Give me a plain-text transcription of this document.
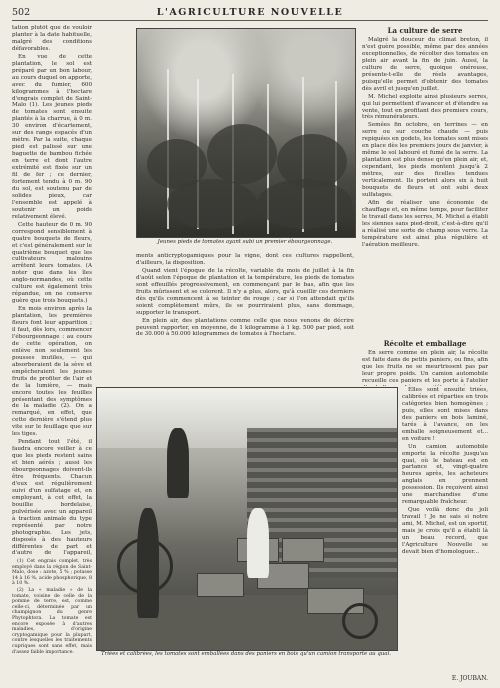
502	L'AGRICULTURE NOUVELLE

tation plutôt que de vouloir planter à la date habituelle, malgré des conditions défavorables.

En vue de cette plantation, le sol est préparé par un bon labour, au cours duquel on apporte, avec du fumier, 600 kilogrammes à l'hectare d'engrais complet de Saint-Malo (1). Les jeunes pieds de tomates sont ensuite plantés à la charrue, à 0 m. 30 environ d'écartement, sur des rangs espacés d'un mètre. Par la suite, chaque pied est palissé sur une baguette de bambou fichée en terre et dont l'autre extrémité est fixée sur un fil de fer ; ce dernier, fortement tendu à 0 m. 90 du sol, est soutenu par de solides pieux, car l'ensemble est appelé à soutenir un poids relativement élevé.

Cette hauteur de 0 m. 90 correspond sensiblement à quatre bouquets de fleurs, et c'est généralement sur le quatrième bouquet que les cultivateurs malouins arrêtent leurs tomates. (A noter que dans les îles anglo-normandes, où cette culture est également très répandue, on ne conserve guère que trois bouquets.)

En mois environ après la plantation, les premières fleurs font leur apparition ; il faut, dès lors, commencer l'ébourgeonnage : au cours de cette opération, on enlève non seulement les pousses inutiles, — qui absorberaient de la sève et empêcheraient les jeunes fruits de profiter de l'air et de la lumière, — mais encore toutes les feuilles présentant des symptômes de la maladie (2). On a remarqué, en effet, que cette dernière s'étend plus vite sur le feuillage que sur les tiges.

Pendant tout l'été, il faudra encore veiller à ce que les pieds restent sains et bien aérés ; aussi les ébourgeonnages doivent-ils être fréquents. Chacun d'eux est régulièrement suivi d'un sulfatage et, en employant, à cet effet, la bouillie bordelaise, pulvérisée avec un appareil à traction animale du type représenté par notre photographie. Les jets, disposés à des hauteurs différentes de part et d'autre de l'appareil,

(1) Cet engrais complet, très employé dans la région de Saint-Malo, dose : azote, 5 % ; potasse 14 à 16 %, acide phosphorique, 8 à 10 %.

(2) La « maladie » de la tomate, voisine de celle de la pomme de terre, est, comme celle-ci, déterminée par un champignon du genre Phytophtora. La tomate est encore exposée à d'autres maladies, d'origine cryptogamique pour la plupart, contre lesquelles les traitements cupriques sont sans effet, mais d'assez faible importance.

Jeunes pieds de tomates ayant subi un premier ébourgeonnage.

ments anticryptogamiques pour la vigne, dont ces cultures rappellent, d'ailleurs, la disposition.

Quand vient l'époque de la récolte, variable du mois de juillet à la fin d'août selon l'époque de plantation et la température, les pieds de tomates sont effeuillés progressivement, en commençant par le bas, afin que les fruits mûrissent et se colorent. Il n'y a plus, alors, qu'à cueillir ces derniers dès qu'ils commencent à se teinter de rouge ; car si l'on attendait qu'ils soient complètement mûrs, ils se pourriraient plus, sans dommage, supporter le transport.

En plein air, des plantations comme celle que nous venons de décrire peuvent rapporter, en moyenne, de 1 kilogramme à 1 kg. 500 par pied, soit de 30.000 à 50.000 kilogrammes de tomates à l'hectare.

La culture de serre

Malgré la douceur du climat breton, il n'est guère possible, même par des années exceptionnelles, de récolter des tomates en plein air avant la fin de juin. Aussi, la culture de serre, quoique onéreuse, présente-t-elle de réels avantages, puisqu'elle permet d'obtenir des tomates dès avril et jusqu'en juillet.

M. Michel exploite ainsi plusieurs serres, qui lui permettent d'avancer et d'étendre sa vente, tout en profitant des premiers cours, très rémunérateurs.

Semées fin octobre, en terrines — en serre ou sur couche chaude — puis repiquées en godets, les tomates sont mises en place dès les premiers jours de janvier, à même le sol labouré et fumé de la serre. La plantation est plus dense qu'en plein air, et, cependant, les pieds montent jusqu'à 2 mètres, sur des ficelles tendues verticalement. Ils portent alors six à huit bouquets de fleurs et ont subi deux sulfatages.

Afin de réaliser une économie de chauffage et, en même temps, pour faciliter le travail dans les serres, M. Michel a établi les siennes sans pied-droit, c'est-à-dire qu'il a réalisé une sorte de champ sous verre. La température est ainsi plus régulière et l'aération meilleure.

Récolte et emballage

En serre comme en plein air, la récolte est faite dans de petits paniers, ou fins, afin que les fruits ne se meurtrissent pas par leur propre poids. Un camion automobile recueille ces paniers et les porte à l'atelier

Elles sont ensuite triées, calibrées et réparties en trois catégories bien homogènes ; puis, elles sont mises dans des paniers en bois laminé, tarés à l'avance, on les emballe soigneusement et... en voiture !

Un camion automobile emporte la récolte jusqu'au quai, où le bateau est en partance et, vingt-quatre heures après, les acheteurs anglais en prennent possession. Ils reçoivent ainsi une marchandise d'une remarquable fraîcheur.

Que voilà donc du joli travail ! Je ne sais si notre ami, M. Michel, est un sportif, mais je crois qu'il a établi là un beau record, que l'Agriculture Nouvelle se devait bien d'homologuer...

Triées et calibrées, les tomates sont emballées dans des paniers en bois qu'un camion transporte au quai.
E. JOUBAN.
